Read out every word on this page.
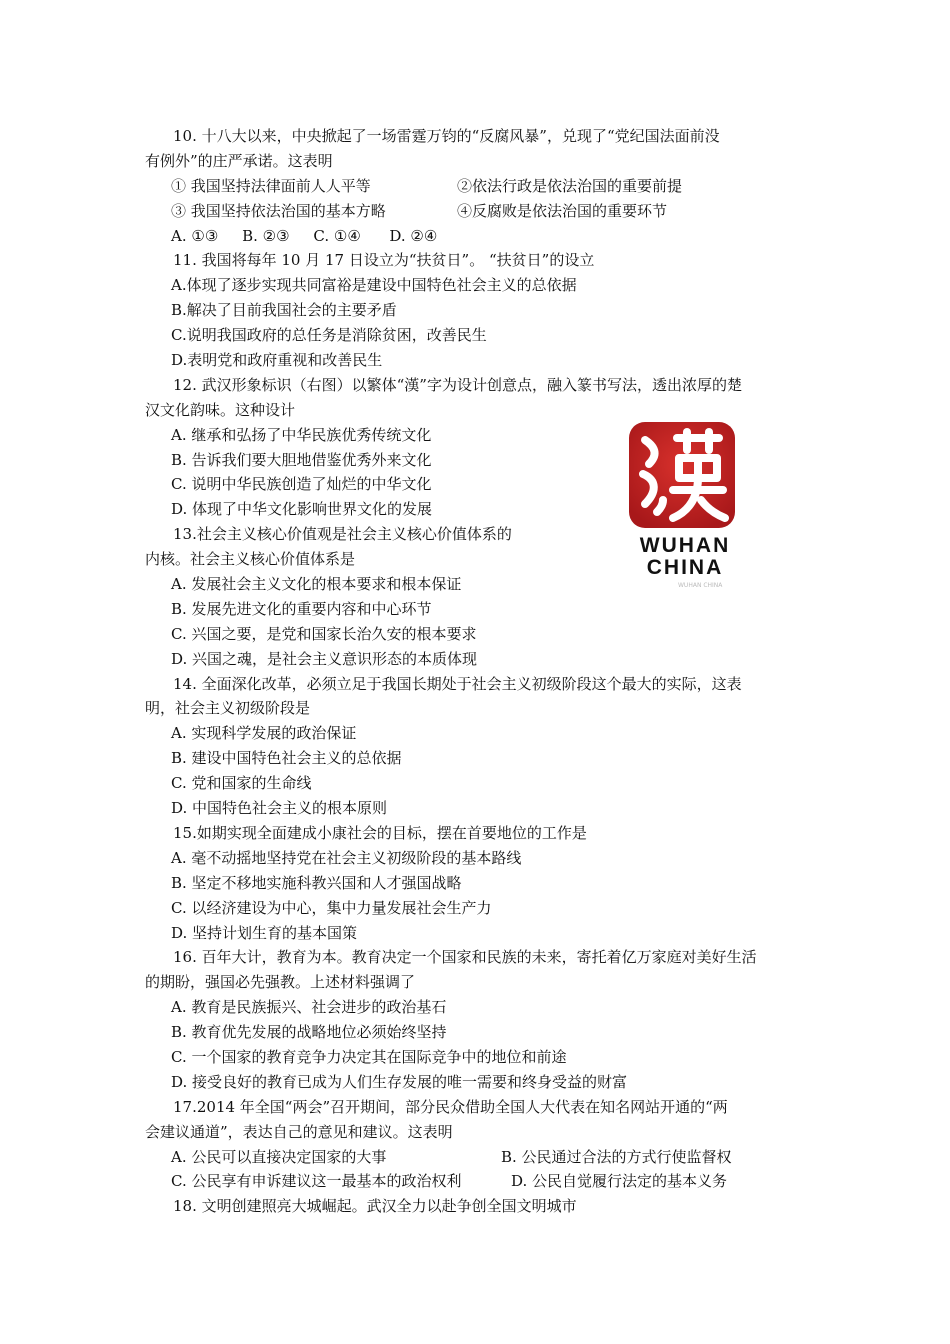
10. 十八大以来，中央掀起了一场雷霆万钧的“反腐风暴”，兑现了“党纪国法面前没
有例外”的庄严承诺。这表明
① 我国坚持法律面前人人平等	②依法行政是依法治国的重要前提
③ 我国坚持依法治国的基本方略	④反腐败是依法治国的重要环节
A. ①③     B. ②③     C. ①④      D. ②④
11. 我国将每年 10 月 17 日设立为“扶贫日”。 “扶贫日”的设立
A.体现了逐步实现共同富裕是建设中国特色社会主义的总依据
B.解决了目前我国社会的主要矛盾
C.说明我国政府的总任务是消除贫困，改善民生
D.表明党和政府重视和改善民生
12. 武汉形象标识（右图）以繁体“漢”字为设计创意点，融入篆书写法，透出浓厚的楚
汉文化韵味。这种设计
A. 继承和弘扬了中华民族优秀传统文化
B. 告诉我们要大胆地借鉴优秀外来文化
C. 说明中华民族创造了灿烂的中华文化
D. 体现了中华文化影响世界文化的发展
13.社会主义核心价值观是社会主义核心价值体系的
内核。社会主义核心价值体系是
A. 发展社会主义文化的根本要求和根本保证
B. 发展先进文化的重要内容和中心环节
C. 兴国之要，是党和国家长治久安的根本要求
D. 兴国之魂，是社会主义意识形态的本质体现
14. 全面深化改革，必须立足于我国长期处于社会主义初级阶段这个最大的实际，这表
明，社会主义初级阶段是
A. 实现科学发展的政治保证
B. 建设中国特色社会主义的总依据
C. 党和国家的生命线
D. 中国特色社会主义的根本原则
15.如期实现全面建成小康社会的目标，摆在首要地位的工作是
A. 毫不动摇地坚持党在社会主义初级阶段的基本路线
B. 坚定不移地实施科教兴国和人才强国战略
C. 以经济建设为中心，集中力量发展社会生产力
D. 坚持计划生育的基本国策
16. 百年大计，教育为本。教育决定一个国家和民族的未来，寄托着亿万家庭对美好生活
的期盼，强国必先强教。上述材料强调了
A. 教育是民族振兴、社会进步的政治基石
B. 教育优先发展的战略地位必须始终坚持
C. 一个国家的教育竞争力决定其在国际竞争中的地位和前途
D. 接受良好的教育已成为人们生存发展的唯一需要和终身受益的财富
17.2014 年全国“两会”召开期间，部分民众借助全国人大代表在知名网站开通的“两
会建议通道”，表达自己的意见和建议。这表明
A. 公民可以直接决定国家的大事	B. 公民通过合法的方式行使监督权
C. 公民享有申诉建议这一最基本的政治权利	D. 公民自觉履行法定的基本义务
18. 文明创建照亮大城崛起。武汉全力以赴争创全国文明城市
WUHAN
CHINA
WUHAN CHINA
